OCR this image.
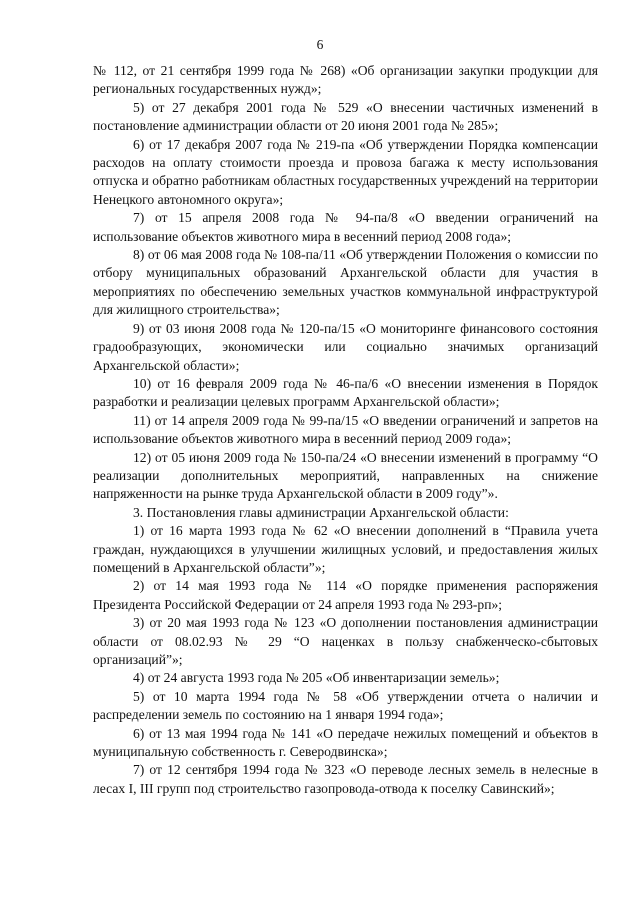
6

№ 112, от 21 сентября 1999 года № 268) «Об организации закупки продукции для региональных государственных нужд»;

5) от 27 декабря 2001 года № 529 «О внесении частичных изменений в постановление администрации области от 20 июня 2001 года № 285»;

6) от 17 декабря 2007 года № 219-па «Об утверждении Порядка компенсации расходов на оплату стоимости проезда и провоза багажа к месту использования отпуска и обратно работникам областных государственных учреждений на территории Ненецкого автономного округа»;

7) от 15 апреля 2008 года № 94-па/8 «О введении ограничений на использование объектов животного мира в весенний период 2008 года»;

8) от 06 мая 2008 года № 108-па/11 «Об утверждении Положения о комиссии по отбору муниципальных образований Архангельской области для участия в мероприятиях по обеспечению земельных участков коммунальной инфраструктурой для жилищного строительства»;

9) от 03 июня 2008 года № 120-па/15 «О мониторинге финансового состояния градообразующих, экономически или социально значимых организаций Архангельской области»;

10) от 16 февраля 2009 года № 46-па/6 «О внесении изменения в Порядок разработки и реализации целевых программ Архангельской области»;

11) от 14 апреля 2009 года № 99-па/15 «О введении ограничений и запретов на использование объектов животного мира в весенний период 2009 года»;

12) от 05 июня 2009 года № 150-па/24 «О внесении изменений в программу “О реализации дополнительных мероприятий, направленных на снижение напряженности на рынке труда Архангельской области в 2009 году”».

3. Постановления главы администрации Архангельской области:

1) от 16 марта 1993 года № 62 «О внесении дополнений в “Правила учета граждан, нуждающихся в улучшении жилищных условий, и предоставления жилых помещений в Архангельской области”»;

2) от 14 мая 1993 года № 114 «О порядке применения распоряжения Президента Российской Федерации от 24 апреля 1993 года № 293-рп»;

3) от 20 мая 1993 года № 123 «О дополнении постановления администрации области от 08.02.93 № 29 “О наценках в пользу снабженческо-сбытовых организаций”»;

4) от 24 августа 1993 года № 205 «Об инвентаризации земель»;

5) от 10 марта 1994 года № 58 «Об утверждении отчета о наличии и распределении земель по состоянию на 1 января 1994 года»;

6) от 13 мая 1994 года № 141 «О передаче нежилых помещений и объектов в муниципальную собственность г. Северодвинска»;

7) от 12 сентября 1994 года № 323 «О переводе лесных земель в нелесные в лесах I, III групп под строительство газопровода-отвода к поселку Савинский»;
